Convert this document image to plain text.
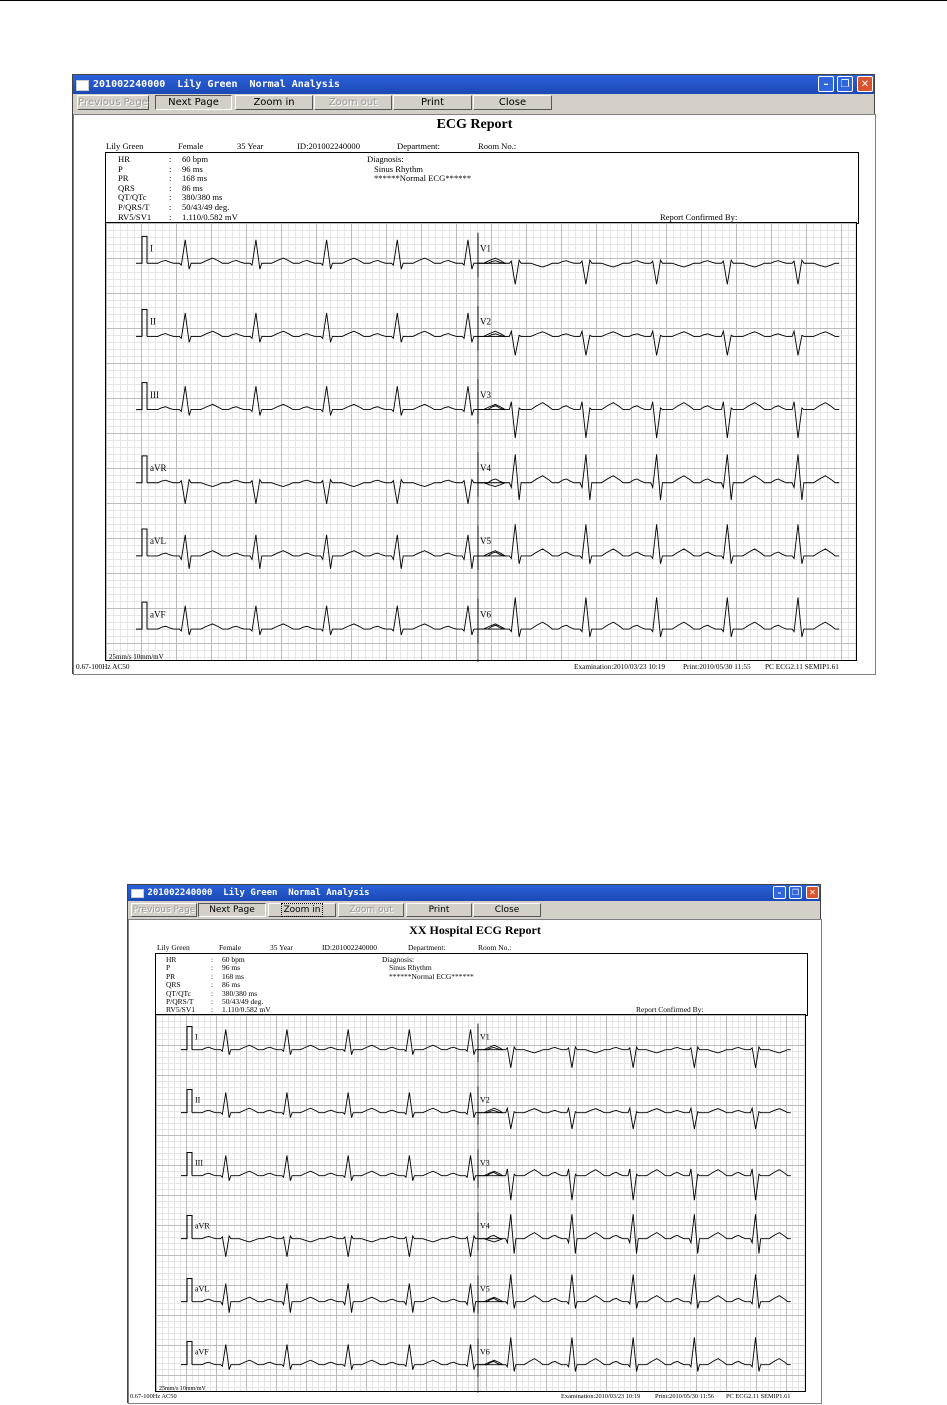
201002240000  Lily Green  Normal Analysis	– ❐ ✕
Previous Page Next Page	Zoom in	Zoom out	Print	Close
ECG Report
Lily Green	Female	35 Year	ID:201002240000	Department:	Room No.:
HR	: 60 bpm
P	: 96 ms
PR	: 168 ms
QRS	: 86 ms
QT/QTc	: 380/380 ms
P/QRS/T : 50/43/49 deg.
RV5/SV1 : 1.110/0.582 mV
Diagnosis:
Sinus Rhythm
******Normal ECG******
Report Confirmed By:
I	V1
II	V2
III	V3
aVR	V4
aVL	V5
aVF	V6
25mm/s 10mm/mV
0.67-100Hz AC50	Examination:2010/03/23 10:19 Print:2010/05/30 11:55 PC ECG2.11 SEMIP1.61
201002240000  Lily Green  Normal Analysis	– ❐ ✕
Previous Page Next Page	Zoom in	Zoom out	Print	Close
XX Hospital ECG Report
Lily Green	Female	35 Year	ID:201002240000	Department:	Room No.:
HR	: 60 bpm
P	: 96 ms
PR	: 168 ms
QRS	: 86 ms
QT/QTc	: 380/380 ms
P/QRS/T : 50/43/49 deg.
RV5/SV1 : 1.110/0.582 mV
Diagnosis:
Sinus Rhythm
******Normal ECG******
Report Confirmed By:
I	V1
II	V2
III	V3
aVR	V4
aVL	V5
aVF	V6
25mm/s 10mm/mV
0.67-100Hz AC50	Examination:2010/03/23 10:19 Print:2010/05/30 11:56 PC ECG2.11 SEMIP1.61
